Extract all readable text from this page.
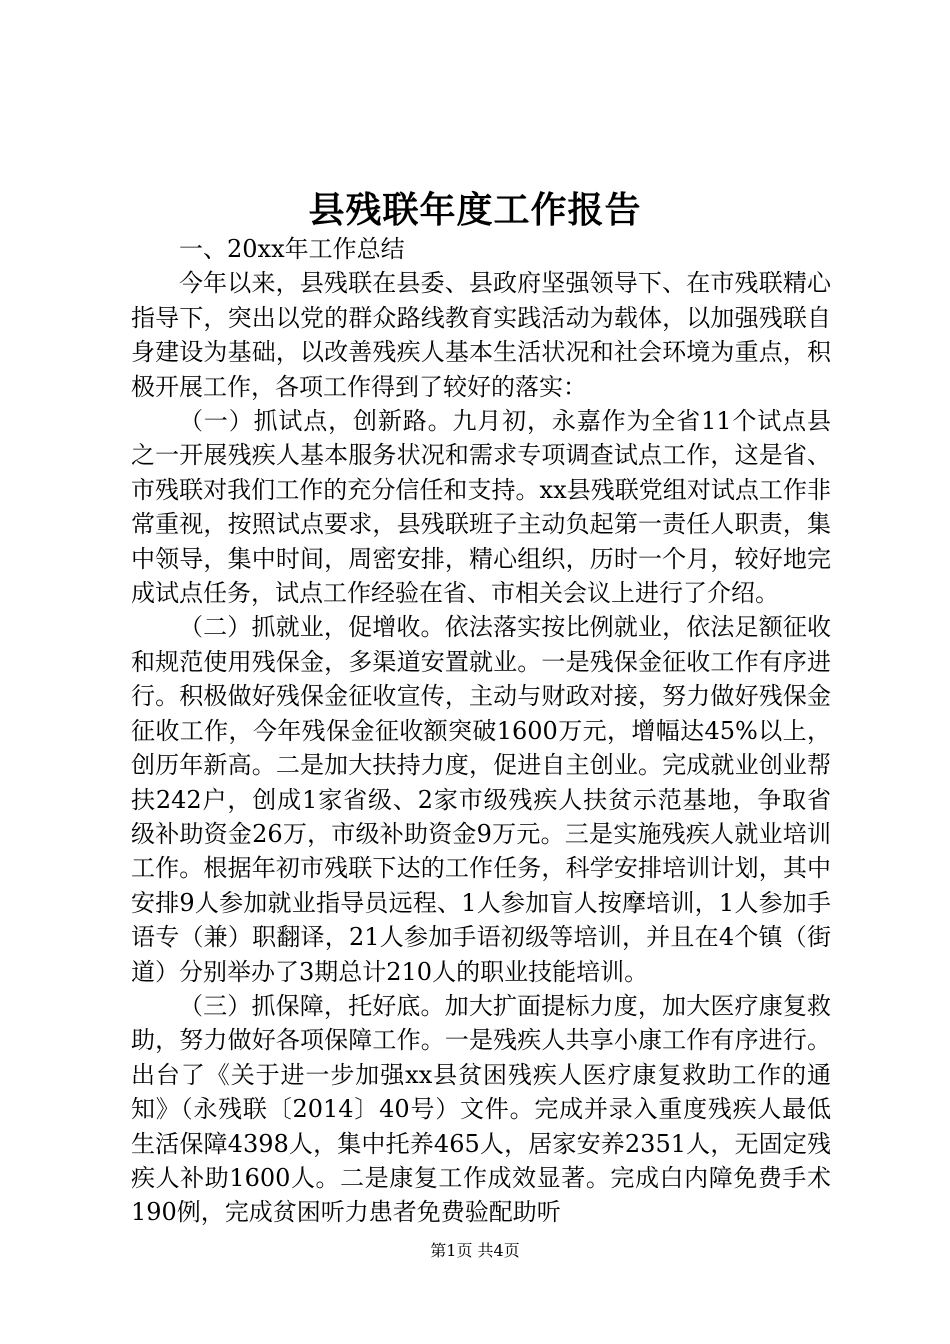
县残联年度工作报告

一、20xx年工作总结

今年以来，县残联在县委、县政府坚强领导下、在市残联精心指导下，突出以党的群众路线教育实践活动为载体，以加强残联自身建设为基础，以改善残疾人基本生活状况和社会环境为重点，积极开展工作，各项工作得到了较好的落实：

（一）抓试点，创新路。九月初，永嘉作为全省11个试点县之一开展残疾人基本服务状况和需求专项调查试点工作，这是省、市残联对我们工作的充分信任和支持。xx县残联党组对试点工作非常重视，按照试点要求，县残联班子主动负起第一责任人职责，集中领导，集中时间，周密安排，精心组织，历时一个月，较好地完成试点任务，试点工作经验在省、市相关会议上进行了介绍。

（二）抓就业，促增收。依法落实按比例就业，依法足额征收和规范使用残保金，多渠道安置就业。一是残保金征收工作有序进行。积极做好残保金征收宣传，主动与财政对接，努力做好残保金征收工作，今年残保金征收额突破1600万元，增幅达45%以上，创历年新高。二是加大扶持力度，促进自主创业。完成就业创业帮扶242户，创成1家省级、2家市级残疾人扶贫示范基地，争取省级补助资金26万，市级补助资金9万元。三是实施残疾人就业培训工作。根据年初市残联下达的工作任务，科学安排培训计划，其中安排9人参加就业指导员远程、1人参加盲人按摩培训，1人参加手语专（兼）职翻译，21人参加手语初级等培训，并且在4个镇（街道）分别举办了3期总计210人的职业技能培训。

（三）抓保障，托好底。加大扩面提标力度，加大医疗康复救助，努力做好各项保障工作。一是残疾人共享小康工作有序进行。出台了《关于进一步加强xx县贫困残疾人医疗康复救助工作的通知》（永残联〔2014〕40号）文件。完成并录入重度残疾人最低生活保障4398人，集中托养465人，居家安养2351人，无固定残疾人补助1600人。二是康复工作成效显著。完成白内障免费手术190例，完成贫困听力患者免费验配助听

第1页 共4页
